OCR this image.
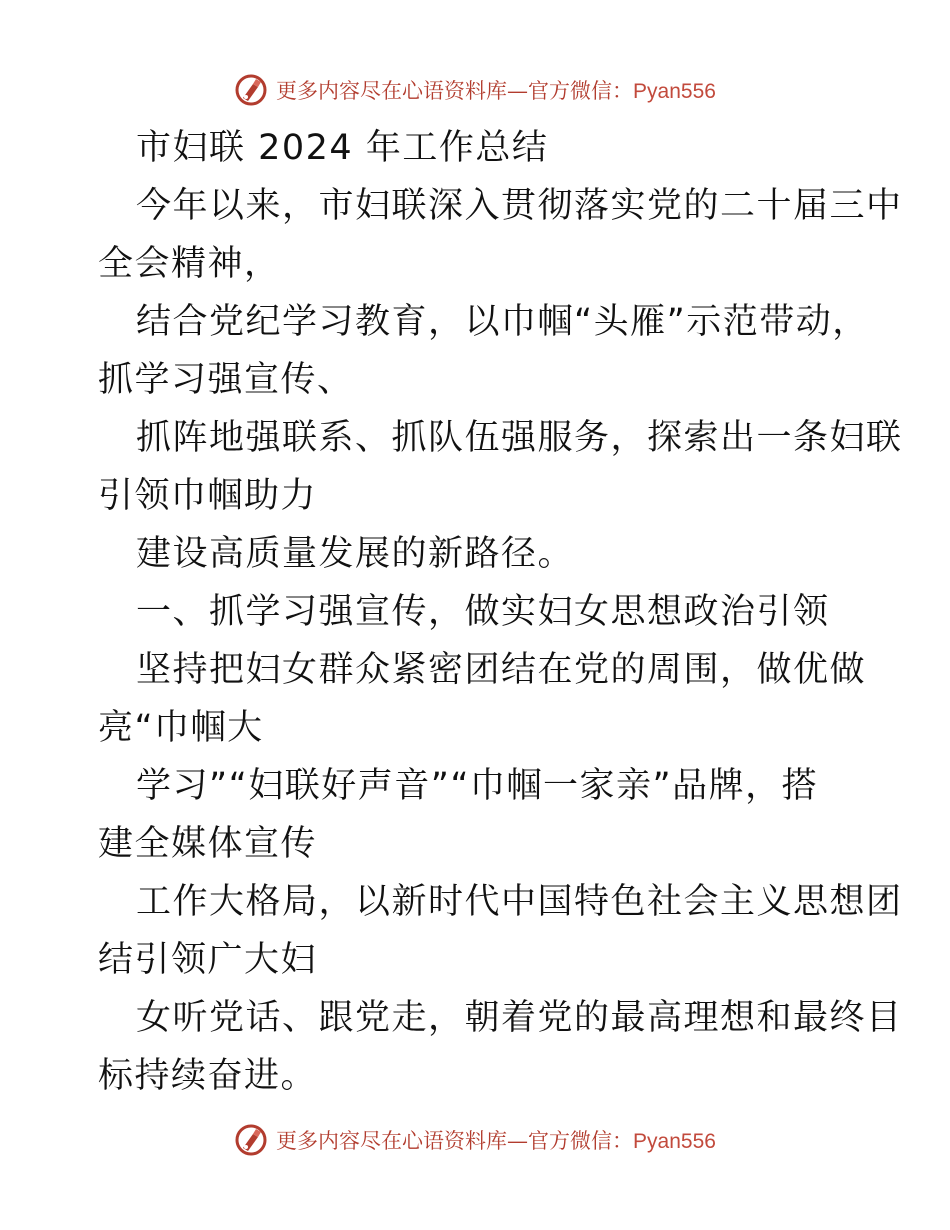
更多内容尽在心语资料库—官方微信：Pyan556
市妇联 2024 年工作总结
今年以来，市妇联深入贯彻落实党的二十届三中
全会精神，
结合党纪学习教育，以巾帼“头雁”示范带动，
抓学习强宣传、
抓阵地强联系、抓队伍强服务，探索出一条妇联
引领巾帼助力
建设高质量发展的新路径。
一、抓学习强宣传，做实妇女思想政治引领
坚持把妇女群众紧密团结在党的周围，做优做
亮“巾帼大
学习”“妇联好声音”“巾帼一家亲”品牌，搭
建全媒体宣传
工作大格局，以新时代中国特色社会主义思想团
结引领广大妇
女听党话、跟党走，朝着党的最高理想和最终目
标持续奋进。
更多内容尽在心语资料库—官方微信：Pyan556
